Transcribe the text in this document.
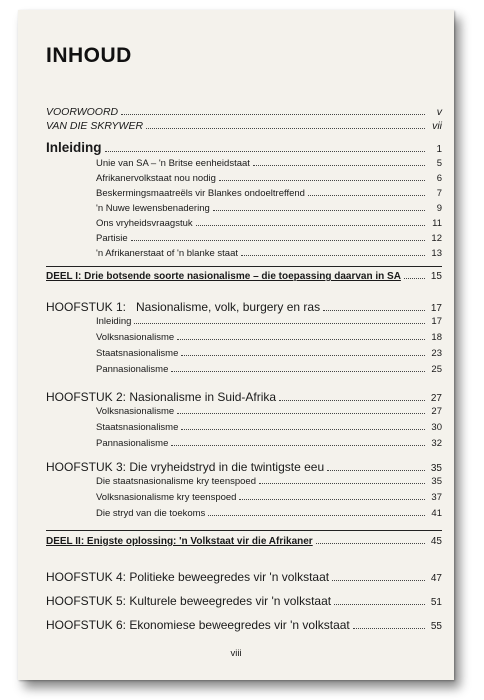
INHOUD
VOORWOORD	v
VAN DIE SKRYWER	vii
Inleiding	1
Unie van SA – 'n Britse eenheidstaat	5
Afrikanervolkstaat nou nodig	6
Beskermingsmaatreëls vir Blankes ondoeltreffend	7
'n Nuwe lewensbenadering	9
Ons vryheidsvraagstuk	11
Partisie	12
'n Afrikanerstaat of 'n blanke staat	13
DEEL I: Drie botsende soorte nasionalisme – die toepassing daarvan in SA	15
HOOFSTUK 1: Nasionalisme, volk, burgery en ras	17
Inleiding	17
Volksnasionalisme	18
Staatsnasionalisme	23
Pannasionalisme	25
HOOFSTUK 2: Nasionalisme in Suid-Afrika	27
Volksnasionalisme	27
Staatsnasionalisme	30
Pannasionalisme	32
HOOFSTUK 3: Die vryheidstryd in die twintigste eeu	35
Die staatsnasionalisme kry teenspoed	35
Volksnasionalisme kry teenspoed	37
Die stryd van die toekoms	41
DEEL II: Enigste oplossing: 'n Volkstaat vir die Afrikaner	45
HOOFSTUK 4: Politieke beweegredes vir 'n volkstaat	47
HOOFSTUK 5: Kulturele beweegredes vir 'n volkstaat	51
HOOFSTUK 6: Ekonomiese beweegredes vir 'n volkstaat	55
viii
